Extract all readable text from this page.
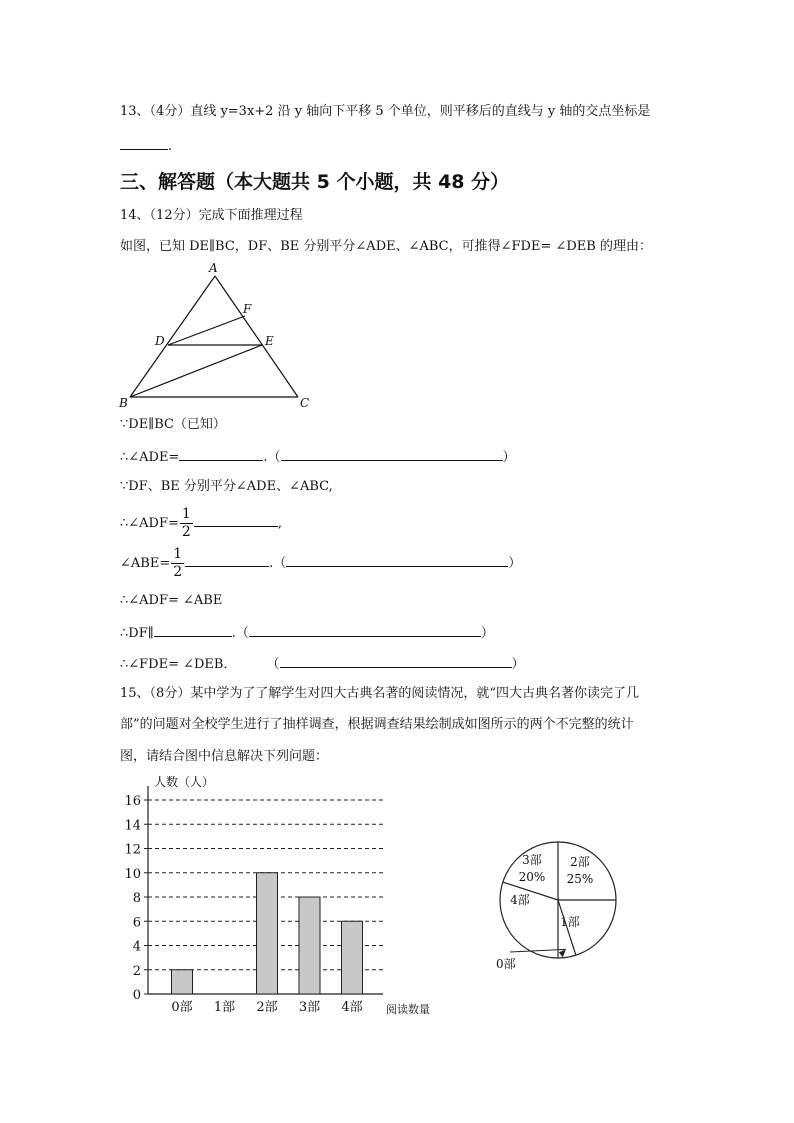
13、（4分）直线 y=3x+2 沿 y 轴向下平移 5 个单位，则平移后的直线与 y 轴的交点坐标是
.
三、解答题（本大题共 5 个小题，共 48 分）
14、（12分）完成下面推理过程
如图，已知 DE∥BC，DF、BE 分别平分∠ADE、∠ABC，可推得∠FDE= ∠DEB 的理由：
A
B	C
D	E
F
∵DE∥BC（已知）
∴∠ADE=	.（	）
∵DF、BE 分别平分∠ADE、∠ABC,
∴∠ADF= $\frac{1}{2}$	,
∠ABE= $\frac{1}{2}$	.（	）
∴∠ADF= ∠ABE
∴DF∥	.（	）
∴∠FDE= ∠DEB． （	）
15、（8分）某中学为了了解学生对四大古典名著的阅读情况，就“四大古典名著你读完了几
部”的问题对全校学生进行了抽样调查，根据调查结果绘制成如图所示的两个不完整的统计
图，请结合图中信息解决下列问题：
0
2
4
6
8
10
12
14
16
人数（人）
阅读数量
0部 1部 2部 3部 4部
2部
25%
1部
0部
4部
3部
20%
